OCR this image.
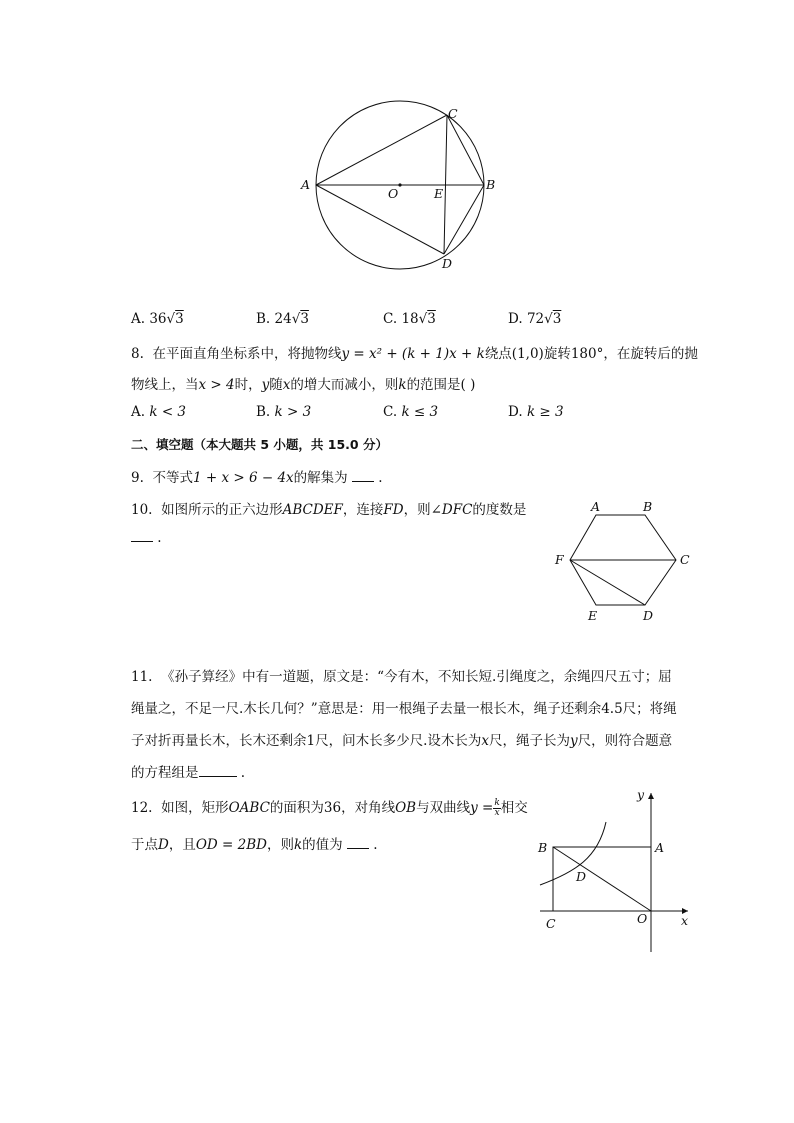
A
O	E
B
C
D
A. 36√3	B. 24√3	C. 18√3	D. 72√3
8. 在平面直角坐标系中，将抛物线y = x² + (k + 1)x + k绕点(1,0)旋转180°，在旋转后的抛
物线上，当x > 4时，y随x的增大而减小，则k的范围是( )
A. k < 3	B. k > 3	C. k ≤ 3	D. k ≥ 3
二、填空题（本大题共 5 小题，共 15.0 分）
9. 不等式1 + x > 6 − 4x的解集为 .
10. 如图所示的正六边形ABCDEF，连接FD，则∠DFC的度数是
.
A	B
C
F
E	D
11. 《孙子算经》中有一道题，原文是：“今有木，不知长短.引绳度之，余绳四尺五寸；屈
绳量之，不足一尺.木长几何？”意思是：用一根绳子去量一根长木，绳子还剩余4.5尺；将绳
子对折再量长木，长木还剩余1尺，问木长多少尺.设木长为x尺，绳子长为y尺，则符合题意
的方程组是	.
12. 如图，矩形OABC的面积为36，对角线OB与双曲线$y = \frac{k}{x}$ 相交
于点D，且OD = 2BD，则k的值为 .
y
x
B	A
D
C	O
